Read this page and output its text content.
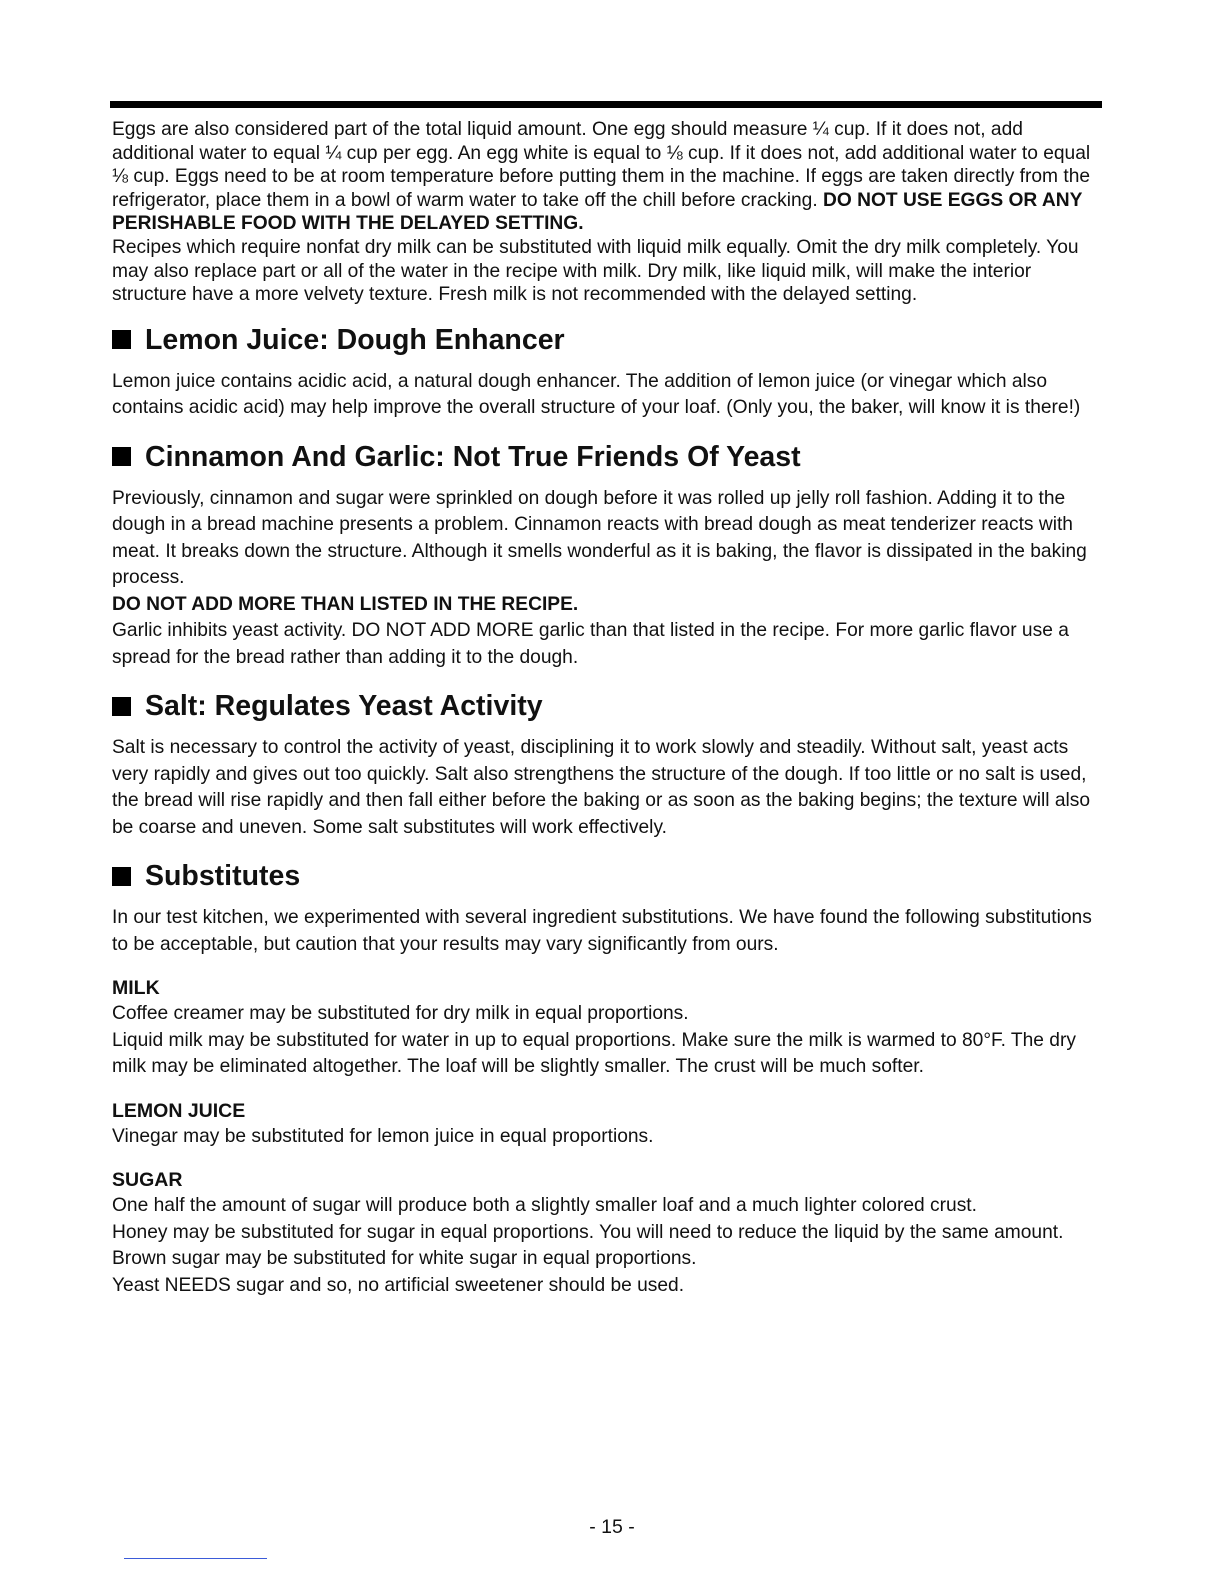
Eggs are also considered part of the total liquid amount. One egg should measure ¼ cup. If it does not, add additional water to equal ¼ cup per egg. An egg white is equal to ⅛ cup. If it does not, add additional water to equal ⅛ cup. Eggs need to be at room temperature before putting them in the machine. If eggs are taken directly from the refrigerator, place them in a bowl of warm water to take off the chill before cracking. DO NOT USE EGGS OR ANY PERISHABLE FOOD WITH THE DELAYED SETTING.

Recipes which require nonfat dry milk can be substituted with liquid milk equally. Omit the dry milk completely. You may also replace part or all of the water in the recipe with milk. Dry milk, like liquid milk, will make the interior structure have a more velvety texture. Fresh milk is not recommended with the delayed setting.

Lemon Juice: Dough Enhancer

Lemon juice contains acidic acid, a natural dough enhancer. The addition of lemon juice (or vinegar which also contains acidic acid) may help improve the overall structure of your loaf. (Only you, the baker, will know it is there!)

Cinnamon And Garlic: Not True Friends Of Yeast

Previously, cinnamon and sugar were sprinkled on dough before it was rolled up jelly roll fashion. Adding it to the dough in a bread machine presents a problem. Cinnamon reacts with bread dough as meat tenderizer reacts with meat. It breaks down the structure. Although it smells wonderful as it is baking, the flavor is dissipated in the baking process.

DO NOT ADD MORE THAN LISTED IN THE RECIPE.

Garlic inhibits yeast activity. DO NOT ADD MORE garlic than that listed in the recipe. For more garlic flavor use a spread for the bread rather than adding it to the dough.

Salt: Regulates Yeast Activity

Salt is necessary to control the activity of yeast, disciplining it to work slowly and steadily. Without salt, yeast acts very rapidly and gives out too quickly. Salt also strengthens the structure of the dough. If too little or no salt is used, the bread will rise rapidly and then fall either before the baking or as soon as the baking begins; the texture will also be coarse and uneven. Some salt substitutes will work effectively.

Substitutes

In our test kitchen, we experimented with several ingredient substitutions. We have found the following substitutions to be acceptable, but caution that your results may vary significantly from ours.

MILK

Coffee creamer may be substituted for dry milk in equal proportions.

Liquid milk may be substituted for water in up to equal proportions. Make sure the milk is warmed to 80°F. The dry milk may be eliminated altogether. The loaf will be slightly smaller. The crust will be much softer.

LEMON JUICE

Vinegar may be substituted for lemon juice in equal proportions.

SUGAR

One half the amount of sugar will produce both a slightly smaller loaf and a much lighter colored crust.

Honey may be substituted for sugar in equal proportions. You will need to reduce the liquid by the same amount.

Brown sugar may be substituted for white sugar in equal proportions.

Yeast NEEDS sugar and so, no artificial sweetener should be used.

- 15 -
